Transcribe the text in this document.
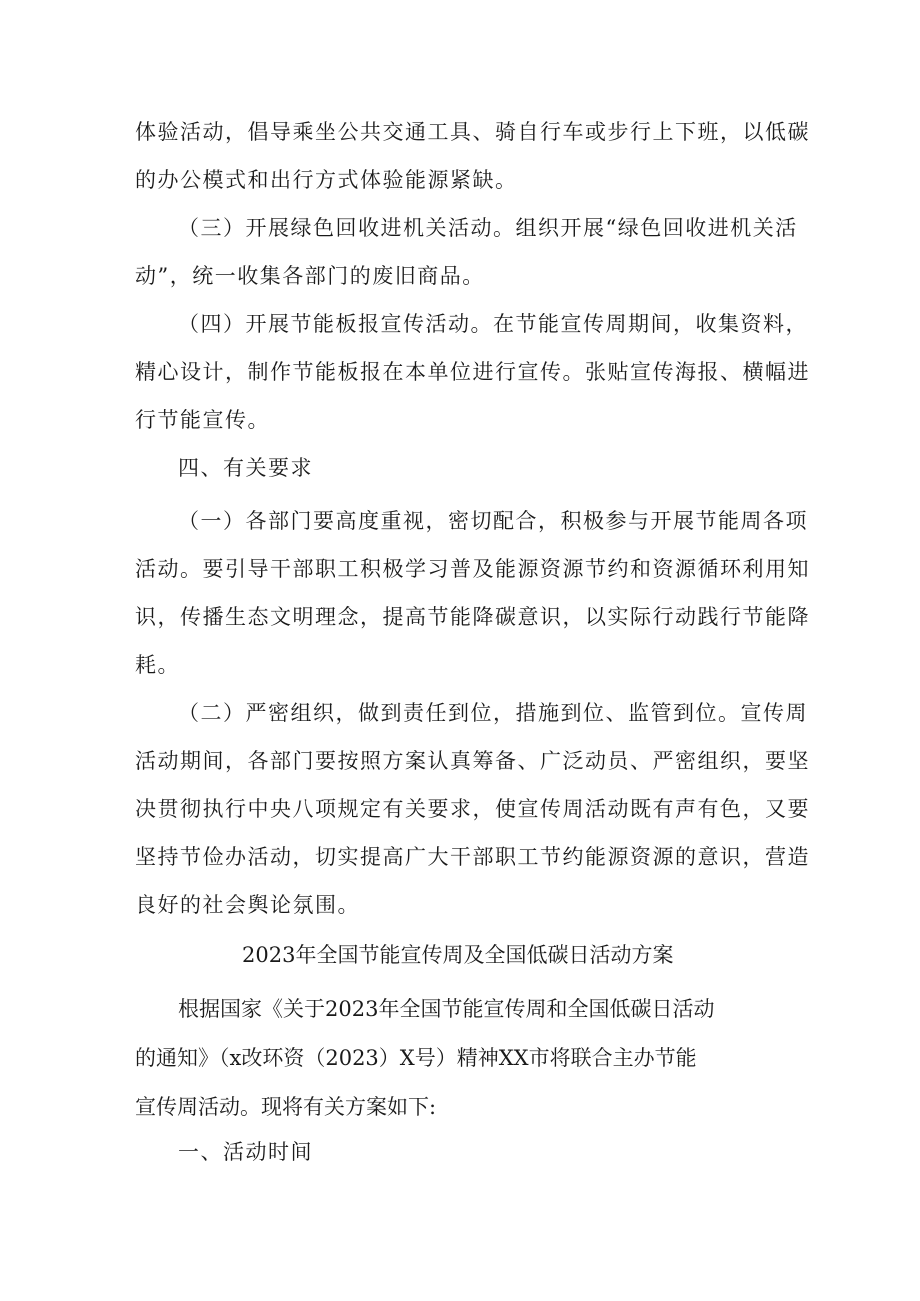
体验活动，倡导乘坐公共交通工具、骑自行车或步行上下班，以低碳
的办公模式和出行方式体验能源紧缺。
（三）开展绿色回收进机关活动。组织开展“绿色回收进机关活
动”，统一收集各部门的废旧商品。
（四）开展节能板报宣传活动。在节能宣传周期间，收集资料，
精心设计，制作节能板报在本单位进行宣传。张贴宣传海报、横幅进
行节能宣传。
四、有关要求
（一）各部门要高度重视，密切配合，积极参与开展节能周各项
活动。要引导干部职工积极学习普及能源资源节约和资源循环利用知
识，传播生态文明理念，提高节能降碳意识，以实际行动践行节能降
耗。
（二）严密组织，做到责任到位，措施到位、监管到位。宣传周
活动期间，各部门要按照方案认真筹备、广泛动员、严密组织，要坚
决贯彻执行中央八项规定有关要求，使宣传周活动既有声有色，又要
坚持节俭办活动，切实提高广大干部职工节约能源资源的意识，营造
良好的社会舆论氛围。
2023年全国节能宣传周及全国低碳日活动方案
根据国家《关于2023年全国节能宣传周和全国低碳日活动
的通知》（x改环资（2023）X号）精神XX市将联合主办节能
宣传周活动。现将有关方案如下:
一、活动时间
